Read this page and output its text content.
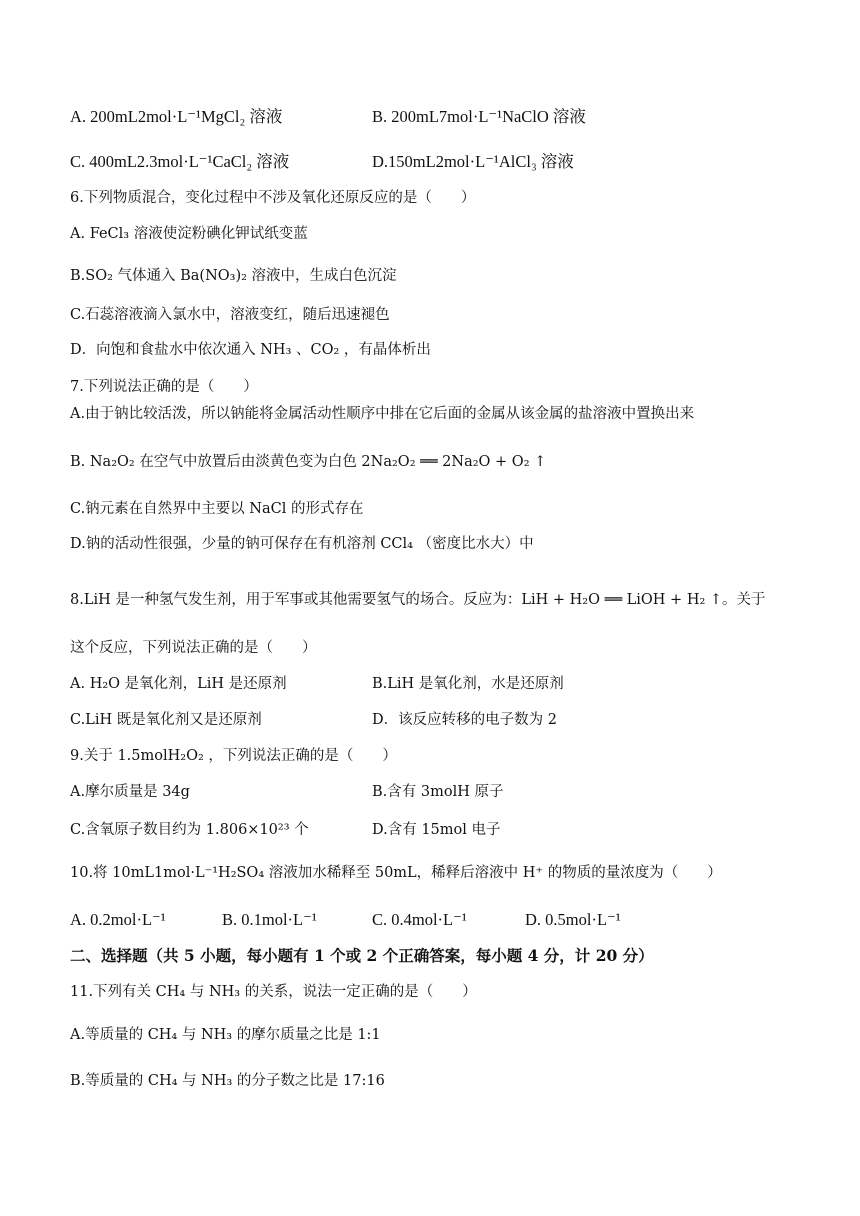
A. 200mL2mol·L⁻¹MgCl₂ 溶液	B. 200mL7mol·L⁻¹NaClO 溶液
C. 400mL2.3mol·L⁻¹CaCl₂ 溶液	D.150mL2mol·L⁻¹AlCl₃ 溶液
6.下列物质混合，变化过程中不涉及氧化还原反应的是（　　）
A. FeCl₃ 溶液使淀粉碘化钾试纸变蓝
B.SO₂ 气体通入 Ba(NO₃)₂ 溶液中，生成白色沉淀
C.石蕊溶液滴入氯水中，溶液变红，随后迅速褪色
D．向饱和食盐水中依次通入 NH₃ 、CO₂ ，有晶体析出
7.下列说法正确的是（　　）
A.由于钠比较活泼，所以钠能将金属活动性顺序中排在它后面的金属从该金属的盐溶液中置换出来
B. Na₂O₂ 在空气中放置后由淡黄色变为白色 2Na₂O₂ ══ 2Na₂O + O₂ ↑
C.钠元素在自然界中主要以 NaCl 的形式存在
D.钠的活动性很强，少量的钠可保存在有机溶剂 CCl₄ （密度比水大）中
8.LiH 是一种氢气发生剂，用于军事或其他需要氢气的场合。反应为：LiH + H₂O ══ LiOH + H₂ ↑。关于
这个反应，下列说法正确的是（　　）
A. H₂O 是氧化剂，LiH 是还原剂	B.LiH 是氧化剂，水是还原剂
C.LiH 既是氧化剂又是还原剂	D．该反应转移的电子数为 2
9.关于 1.5molH₂O₂ ，下列说法正确的是（　　）
A.摩尔质量是 34g	B.含有 3molH 原子
C.含氧原子数目约为 1.806×10²³ 个	D.含有 15mol 电子
10.将 10mL1mol·L⁻¹H₂SO₄ 溶液加水稀释至 50mL，稀释后溶液中 H⁺ 的物质的量浓度为（　　）
A. 0.2mol·L⁻¹	B. 0.1mol·L⁻¹	C. 0.4mol·L⁻¹	D. 0.5mol·L⁻¹
二、选择题（共 5 小题，每小题有 1 个或 2 个正确答案，每小题 4 分，计 20 分）
11.下列有关 CH₄ 与 NH₃ 的关系，说法一定正确的是（　　）
A.等质量的 CH₄ 与 NH₃ 的摩尔质量之比是 1:1
B.等质量的 CH₄ 与 NH₃ 的分子数之比是 17:16
